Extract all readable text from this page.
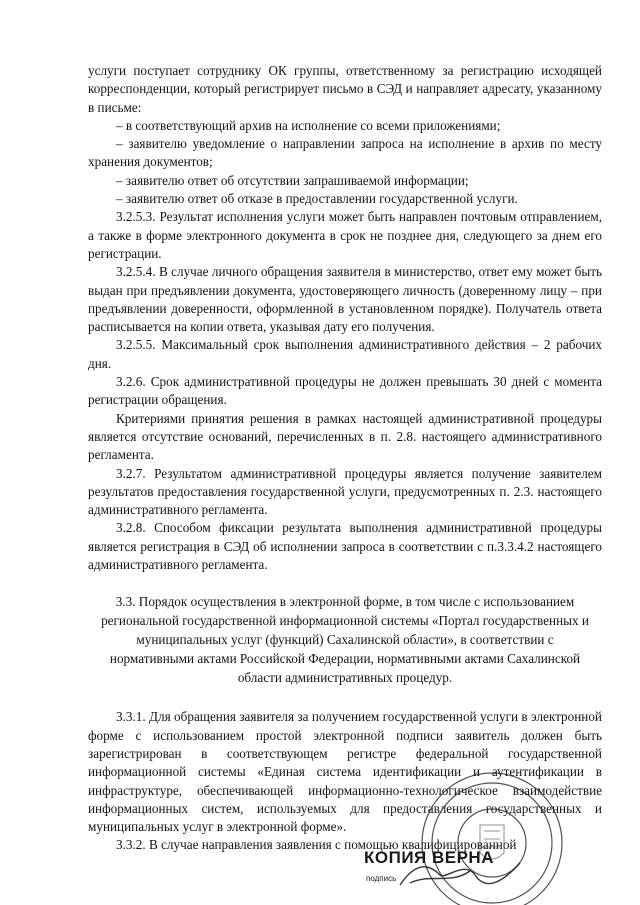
услуги поступает сотруднику ОК группы, ответственному за регистрацию исходящей корреспонденции, который регистрирует письмо в СЭД и направляет адресату, указанному в письме:

– в соответствующий архив на исполнение со всеми приложениями;

– заявителю уведомление о направлении запроса на исполнение в архив по месту хранения документов;

– заявителю ответ об отсутствии запрашиваемой информации;

– заявителю ответ об отказе в предоставлении государственной услуги.

3.2.5.3. Результат исполнения услуги может быть направлен почтовым отправлением, а также в форме электронного документа в срок не позднее дня, следующего за днем его регистрации.

3.2.5.4. В случае личного обращения заявителя в министерство, ответ ему может быть выдан при предъявлении документа, удостоверяющего личность (доверенному лицу – при предъявлении доверенности, оформленной в установленном порядке). Получатель ответа расписывается на копии ответа, указывая дату его получения.

3.2.5.5. Максимальный срок выполнения административного действия – 2 рабочих дня.

3.2.6. Срок административной процедуры не должен превышать 30 дней с момента регистрации обращения.

Критериями принятия решения в рамках настоящей административной процедуры является отсутствие оснований, перечисленных в п. 2.8. настоящего административного регламента.

3.2.7. Результатом административной процедуры является получение заявителем результатов предоставления государственной услуги, предусмотренных п. 2.3. настоящего административного регламента.

3.2.8. Способом фиксации результата выполнения административной процедуры является регистрация в СЭД об исполнении запроса в соответствии с п.3.3.4.2 настоящего административного регламента.

3.3. Порядок осуществления в электронной форме, в том числе с использованием региональной государственной информационной системы «Портал государственных и муниципальных услуг (функций) Сахалинской области», в соответствии с нормативными актами Российской Федерации, нормативными актами Сахалинской области административных процедур.

3.3.1. Для обращения заявителя за получением государственной услуги в электронной форме с использованием простой электронной подписи заявитель должен быть зарегистрирован в соответствующем регистре федеральной государственной информационной системы «Единая система идентификации и аутентификации в инфраструктуре, обеспечивающей информационно-технологическое взаимодействие информационных систем, используемых для предоставления государственных и муниципальных услуг в электронной форме».

3.3.2. В случае направления заявления с помощью квалифицированной

КОПИЯ ВЕРНА
подпись
